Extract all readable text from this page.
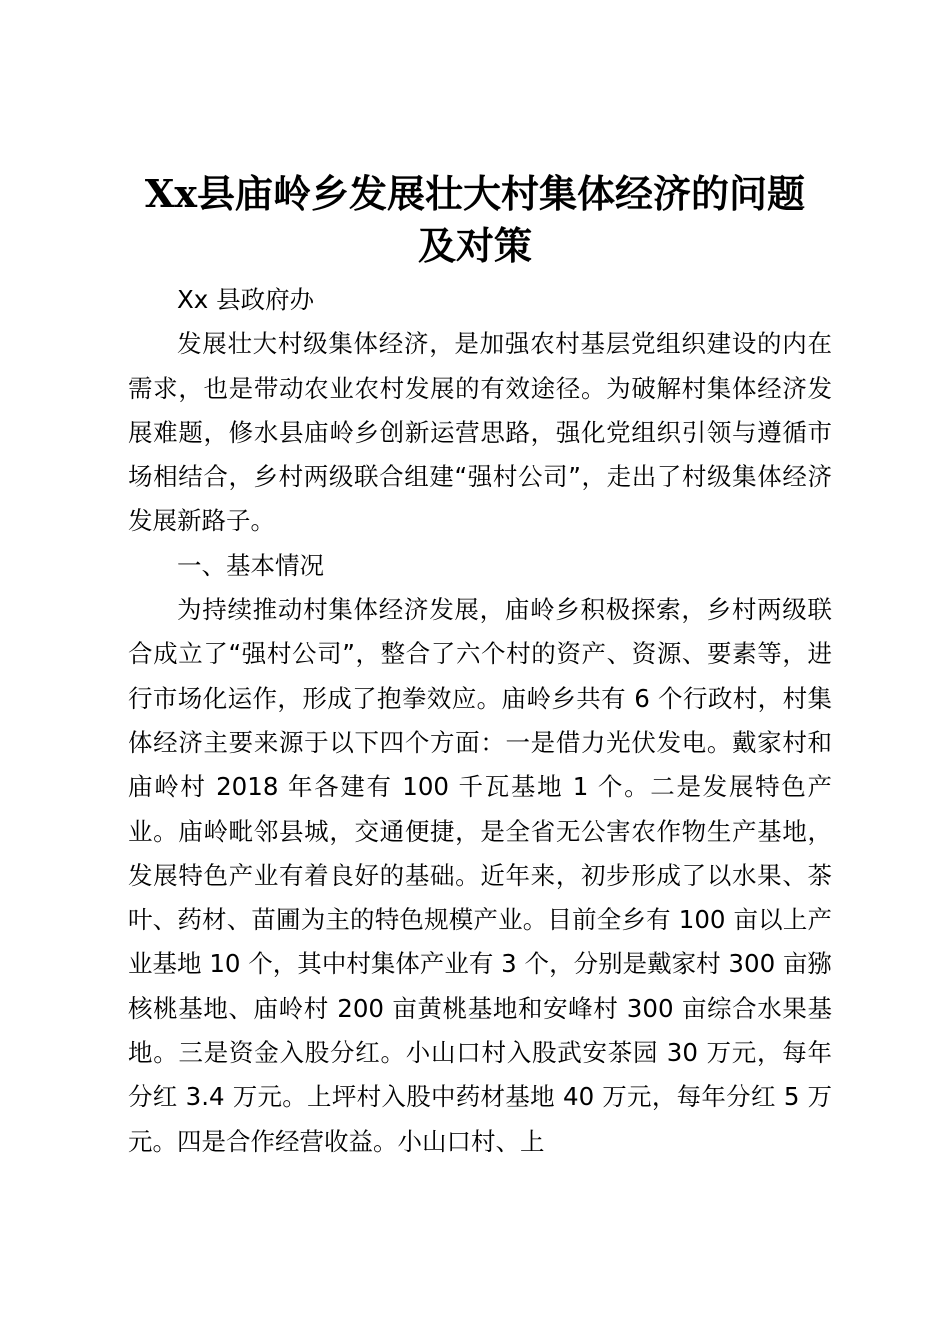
Xx县庙岭乡发展壮大村集体经济的问题及对策

Xx 县政府办

发展壮大村级集体经济，是加强农村基层党组织建设的内在需求，也是带动农业农村发展的有效途径。为破解村集体经济发展难题，修水县庙岭乡创新运营思路，强化党组织引领与遵循市场相结合，乡村两级联合组建“强村公司”，走出了村级集体经济发展新路子。

一、基本情况

为持续推动村集体经济发展，庙岭乡积极探索，乡村两级联合成立了“强村公司”，整合了六个村的资产、资源、要素等，进行市场化运作，形成了抱拳效应。庙岭乡共有 6 个行政村，村集体经济主要来源于以下四个方面：一是借力光伏发电。戴家村和庙岭村 2018 年各建有 100 千瓦基地 1 个。二是发展特色产业。庙岭毗邻县城，交通便捷，是全省无公害农作物生产基地，发展特色产业有着良好的基础。近年来，初步形成了以水果、茶叶、药材、苗圃为主的特色规模产业。目前全乡有 100 亩以上产业基地 10 个，其中村集体产业有 3 个，分别是戴家村 300 亩猕核桃基地、庙岭村 200 亩黄桃基地和安峰村 300 亩综合水果基地。三是资金入股分红。小山口村入股武安茶园 30 万元，每年分红 3.4 万元。上坪村入股中药材基地 40 万元，每年分红 5 万元。四是合作经营收益。小山口村、上
